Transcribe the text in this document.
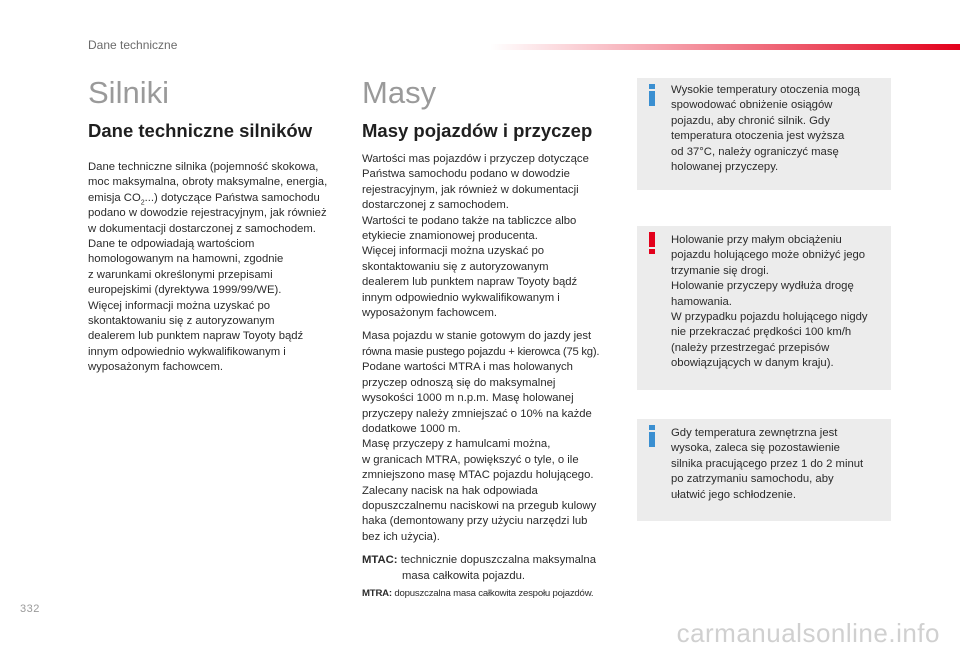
Dane techniczne
Silniki
Dane techniczne silników
Dane techniczne silnika (pojemność skokowa,
moc maksymalna, obroty maksymalne, energia,
emisja $CO_2$...) dotyczące Państwa samochodu
podano w dowodzie rejestracyjnym, jak również
w dokumentacji dostarczonej z samochodem.
Dane te odpowiadają wartościom
homologowanym na hamowni, zgodnie
z warunkami określonymi przepisami
europejskimi (dyrektywa 1999/99/WE).
Więcej informacji można uzyskać po
skontaktowaniu się z autoryzowanym
dealerem lub punktem napraw Toyoty bądź
innym odpowiednio wykwalifikowanym i
wyposażonym fachowcem.
Masy
Masy pojazdów i przyczep
Wartości mas pojazdów i przyczep dotyczące
Państwa samochodu podano w dowodzie
rejestracyjnym, jak również w dokumentacji
dostarczonej z samochodem.
Wartości te podano także na tabliczce albo
etykiecie znamionowej producenta.
Więcej informacji można uzyskać po
skontaktowaniu się z autoryzowanym
dealerem lub punktem napraw Toyoty bądź
innym odpowiednio wykwalifikowanym i
wyposażonym fachowcem.
Masa pojazdu w stanie gotowym do jazdy jest
równa masie pustego pojazdu + kierowca (75 kg).
Podane wartości MTRA i mas holowanych
przyczep odnoszą się do maksymalnej
wysokości 1000 m n.p.m. Masę holowanej
przyczepy należy zmniejszać o 10% na każde
dodatkowe 1000 m.
Masę przyczepy z hamulcami można,
w granicach MTRA, powiększyć o tyle, o ile
zmniejszono masę MTAC pojazdu holującego.
Zalecany nacisk na hak odpowiada
dopuszczalnemu naciskowi na przegub kulowy
haka (demontowany przy użyciu narzędzi lub
bez ich użycia).
MTAC: technicznie dopuszczalna maksymalna
masa całkowita pojazdu.
MTRA: dopuszczalna masa całkowita zespołu pojazdów.
Wysokie temperatury otoczenia mogą
spowodować obniżenie osiągów
pojazdu, aby chronić silnik. Gdy
temperatura otoczenia jest wyższa
od 37°C, należy ograniczyć masę
holowanej przyczepy.
Holowanie przy małym obciążeniu
pojazdu holującego może obniżyć jego
trzymanie się drogi.
Holowanie przyczepy wydłuża drogę
hamowania.
W przypadku pojazdu holującego nigdy
nie przekraczać prędkości 100 km/h
(należy przestrzegać przepisów
obowiązujących w danym kraju).
Gdy temperatura zewnętrzna jest
wysoka, zaleca się pozostawienie
silnika pracującego przez 1 do 2 minut
po zatrzymaniu samochodu, aby
ułatwić jego schłodzenie.
332
carmanualsonline.info
